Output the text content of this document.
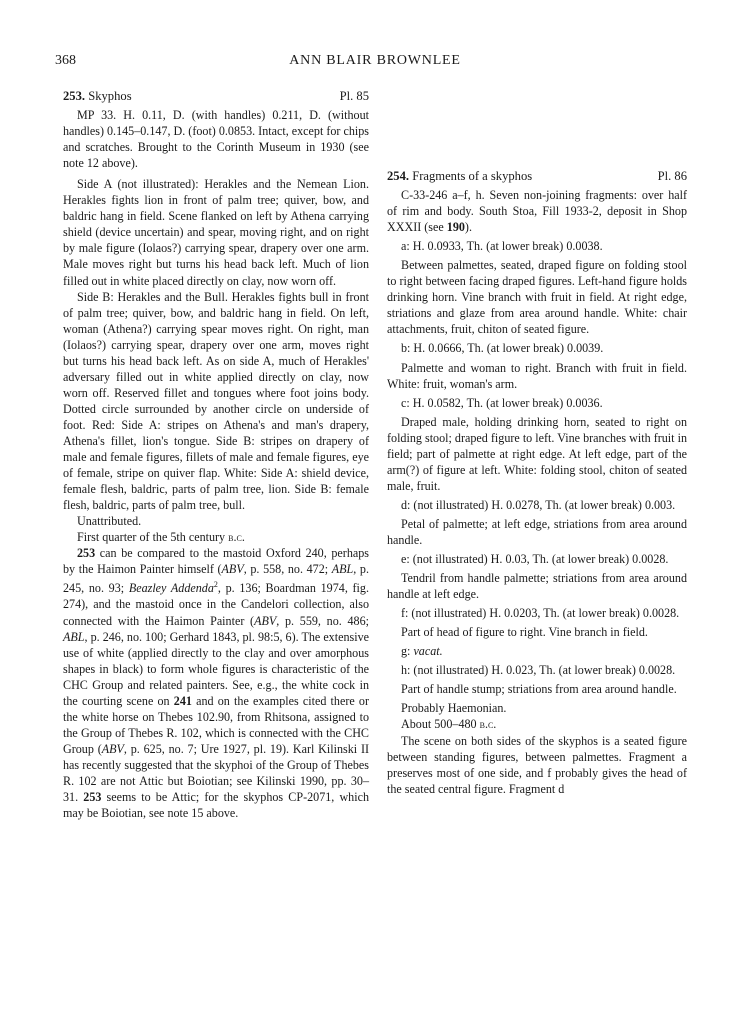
368	ANN BLAIR BROWNLEE
253. Skyphos	Pl. 85

MP 33. H. 0.11, D. (with handles) 0.211, D. (without handles) 0.145–0.147, D. (foot) 0.0853. Intact, except for chips and scratches. Brought to the Corinth Museum in 1930 (see note 12 above).

Side A (not illustrated): Herakles and the Nemean Lion. Herakles fights lion in front of palm tree; quiver, bow, and baldric hang in field. Scene flanked on left by Athena carrying shield (device uncertain) and spear, moving right, and on right by male figure (Iolaos?) carrying spear, drapery over one arm. Male moves right but turns his head back left. Much of lion filled out in white placed directly on clay, now worn off.

Side B: Herakles and the Bull. Herakles fights bull in front of palm tree; quiver, bow, and baldric hang in field. On left, woman (Athena?) carrying spear moves right. On right, man (Iolaos?) carrying spear, drapery over one arm, moves right but turns his head back left. As on side A, much of Herakles' adversary filled out in white applied directly on clay, now worn off. Reserved fillet and tongues where foot joins body. Dotted circle surrounded by another circle on underside of foot. Red: Side A: stripes on Athena's and man's drapery, Athena's fillet, lion's tongue. Side B: stripes on drapery of male and female figures, fillets of male and female figures, eye of female, stripe on quiver flap. White: Side A: shield device, female flesh, baldric, parts of palm tree, lion. Side B: female flesh, baldric, parts of palm tree, bull.

Unattributed.

First quarter of the 5th century b.c.

253 can be compared to the mastoid Oxford 240, perhaps by the Haimon Painter himself (ABV, p. 558, no. 472; ABL, p. 245, no. 93; Beazley Addenda$^2$, p. 136; Boardman 1974, fig. 274), and the mastoid once in the Candelori collection, also connected with the Haimon Painter (ABV, p. 559, no. 486; ABL, p. 246, no. 100; Gerhard 1843, pl. 98:5, 6). The extensive use of white (applied directly to the clay and over amorphous shapes in black) to form whole figures is characteristic of the CHC Group and related painters. See, e.g., the white cock in the courting scene on 241 and on the examples cited there or the white horse on Thebes 102.90, from Rhitsona, assigned to the Group of Thebes R. 102, which is connected with the CHC Group (ABV, p. 625, no. 7; Ure 1927, pl. 19). Karl Kilinski II has recently suggested that the skyphoi of the Group of Thebes R. 102 are not Attic but Boiotian; see Kilinski 1990, pp. 30–31. 253 seems to be Attic; for the skyphos CP-2071, which may be Boiotian, see note 15 above.

254. Fragments of a skyphos	Pl. 86

C-33-246 a–f, h. Seven non-joining fragments: over half of rim and body. South Stoa, Fill 1933-2, deposit in Shop XXXII (see 190).

a: H. 0.0933, Th. (at lower break) 0.0038.

Between palmettes, seated, draped figure on folding stool to right between facing draped figures. Left-hand figure holds drinking horn. Vine branch with fruit in field. At right edge, striations and glaze from area around handle. White: chair attachments, fruit, chiton of seated figure.

b: H. 0.0666, Th. (at lower break) 0.0039.

Palmette and woman to right. Branch with fruit in field. White: fruit, woman's arm.

c: H. 0.0582, Th. (at lower break) 0.0036.

Draped male, holding drinking horn, seated to right on folding stool; draped figure to left. Vine branches with fruit in field; part of palmette at right edge. At left edge, part of the arm(?) of figure at left. White: folding stool, chiton of seated male, fruit.

d: (not illustrated) H. 0.0278, Th. (at lower break) 0.003.

Petal of palmette; at left edge, striations from area around handle.

e: (not illustrated) H. 0.03, Th. (at lower break) 0.0028.

Tendril from handle palmette; striations from area around handle at left edge.

f: (not illustrated) H. 0.0203, Th. (at lower break) 0.0028.

Part of head of figure to right. Vine branch in field.

g: vacat.

h: (not illustrated) H. 0.023, Th. (at lower break) 0.0028.

Part of handle stump; striations from area around handle.

Probably Haemonian.

About 500–480 b.c.

The scene on both sides of the skyphos is a seated figure between standing figures, between palmettes. Fragment a preserves most of one side, and f probably gives the head of the seated central figure. Fragment d
